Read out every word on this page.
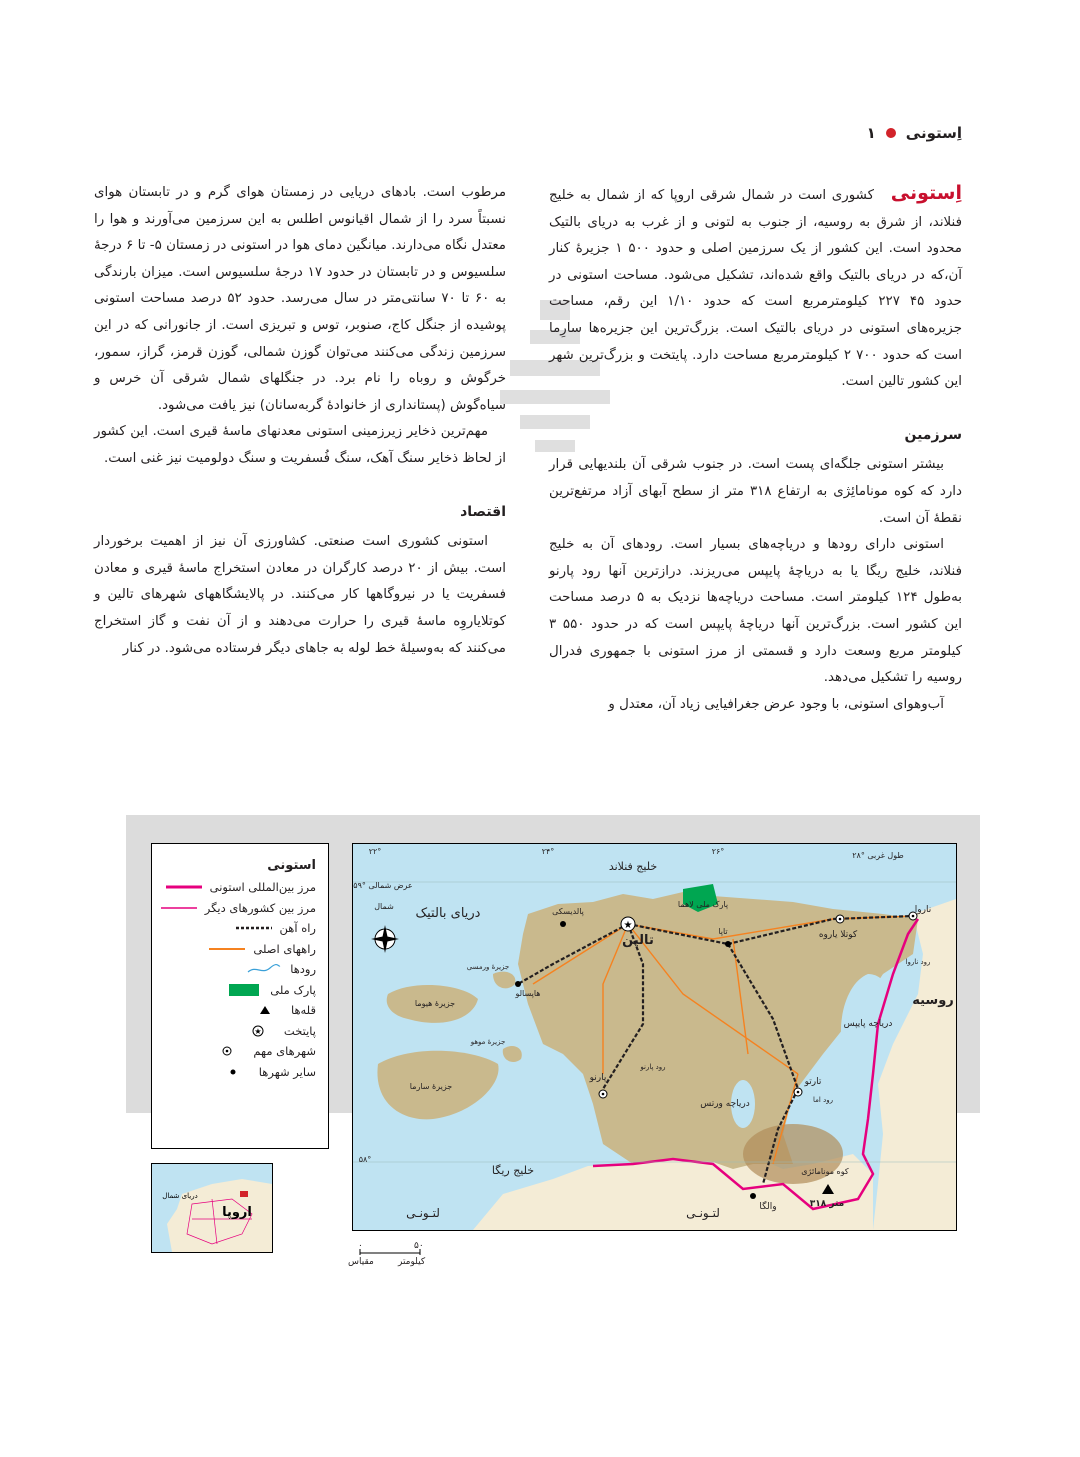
اِستونی
۱

اِستونی   کشوری است در شمال شرقی اروپا که از شمال به خلیج فنلاند، از شرق به روسیه، از جنوب به لتونی و از غرب به دریای بالتیک محدود است. این کشور از یک سرزمین اصلی و حدود ۵۰۰ ۱ جزیرهٔ کنار آن،که در دریای بالتیک واقع شده‌اند، تشکیل می‌شود. مساحت استونی در حدود ۴۵ ۲۲۷ کیلومترمربع است که حدود ۱/۱۰ این رقم، مساحت جزیره‌های استونی در دریای بالتیک است. بزرگ‌ترین این جزیره‌ها سارِما است که حدود ۷۰۰ ۲ کیلومترمربع مساحت دارد. پایتخت و بزرگ‌ترین شهر این کشور تالین است.

سرزمین

بیشتر استونی جلگه‌ای پست است. در جنوب شرقی آن بلندیهایی قرار دارد که کوه مونامائِژی به ارتفاع ۳۱۸ متر از سطح آبهای آزاد مرتفع‌ترین نقطهٔ آن است.

استونی دارای رودها و دریاچه‌های بسیار است. رودهای آن به خلیج فنلاند، خلیج ریگا یا به دریاچهٔ پایپس می‌ریزند. درازترین آنها رود پارنو به‌طول ۱۲۴ کیلومتر است. مساحت دریاچه‌ها نزدیک به ۵ درصد مساحت این کشور است. بزرگ‌ترین آنها دریاچهٔ پایپس است که در حدود ۵۵۰ ۳ کیلومتر مربع وسعت دارد و قسمتی از مرز استونی با جمهوری فدرال روسیه را تشکیل می‌دهد.

آب‌وهوای استونی، با وجود عرض جغرافیایی زیاد آن، معتدل و

مرطوب است. بادهای دریایی در زمستان هوای گرم و در تابستان هوای نسبتاً سرد را از شمال اقیانوس اطلس به این سرزمین می‌آورند و هوا را معتدل نگاه می‌دارند. میانگین دمای هوا در استونی در زمستان ۵- تا ۶ درجهٔ سلسیوس و در تابستان در حدود ۱۷ درجهٔ سلسیوس است. میزان بارندگی به ۶۰ تا ۷۰ سانتی‌متر در سال می‌رسد. حدود ۵۲ درصد مساحت استونی پوشیده از جنگل کاج، صنوبر، توس و تبریزی است. از جانورانی که در این سرزمین زندگی می‌کنند می‌توان گوزن شمالی، گوزن قرمز، گراز، سمور، خرگوش و روباه را نام برد. در جنگلهای شمال شرقی آن خرس و سیاه‌گوش (پستانداری از خانوادهٔ گربه‌سانان) نیز یافت می‌شود.

مهم‌ترین ذخایر زیرزمینی استونی معدنهای ماسهٔ قیری است. این کشور از لحاظ ذخایر سنگ آهک، سنگ فُسفریت و سنگ دولومیت نیز غنی است.

اقتصاد

استونی کشوری است صنعتی. کشاورزی آن نیز از اهمیت برخوردار است. بیش از ۲۰ درصد کارگران در معادن استخراج ماسهٔ قیری و معادن فسفریت یا در نیروگاهها کار می‌کنند. در پالایشگاههای شهرهای تالین و کوتلایاروِه ماسهٔ قیری را حرارت می‌دهند و از آن نفت و گاز استخراج می‌کنند که به‌وسیلهٔ خط لوله به جاهای دیگر فرستاده می‌شود. در کنار

استونی
مرز بین‌المللی استونی
مرز بین کشورهای دیگر
راه آهن
راههای اصلی
رودها
پارک ملی
قله‌ها
پایتخت
★
شهرهای مهم
سایر شهرها
★
خلیج فنلاند
دریای بالتیک
خلیج ریگا
روسیه
لتـونـی	لتـونـی
دریاچه پایپس
دریاچه ورتس
پارک ملی لاهما
شمال
۵۹° عرض شمالی
۵۸°
۲۲°	۲۴°	۲۶°	۲۸° طول غربی
تالین
پالدیسکی
تاپا	کوتلا یاروه
ناروا
هاپسالو
پارنو	تارتو
والگا
جزیرهٔ هیوما
جزیرهٔ سارما
جزیرهٔ ورمسی
جزیرهٔ موهو
رود پارنو
رود ناروا
رود اما
کوه مونامائژی
۳۱۸ متر
دریای شمال
اروپا
۰	۵۰
کیلومتر
مقیاس
